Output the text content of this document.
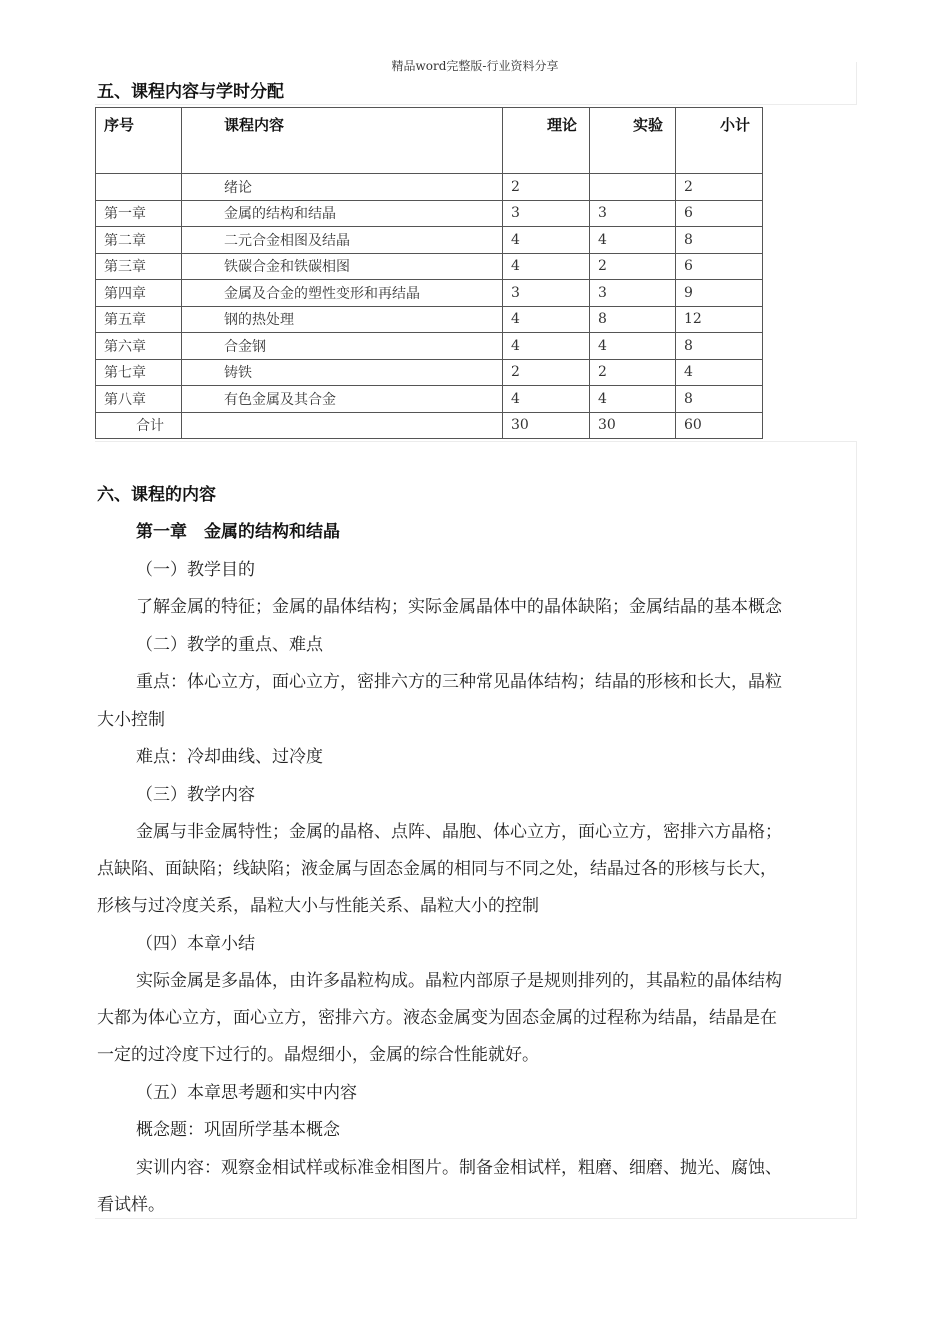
精品word完整版-行业资料分享
五、课程内容与学时分配
序号	课程内容	理论	实验	小计
	绪论	2		2
第一章	金属的结构和结晶	3	3	6
第二章	二元合金相图及结晶	4	4	8
第三章	铁碳合金和铁碳相图	4	2	6
第四章	金属及合金的塑性变形和再结晶	3	3	9
第五章	钢的热处理	4	8	12
第六章	合金钢	4	4	8
第七章	铸铁	2	2	4
第八章	有色金属及其合金	4	4	8
合计		30	30	60
六、课程的内容
第一章　金属的结构和结晶
（一）教学目的
了解金属的特征；金属的晶体结构；实际金属晶体中的晶体缺陷；金属结晶的基本概念
（二）教学的重点、难点
重点：体心立方，面心立方，密排六方的三种常见晶体结构；结晶的形核和长大，晶粒
大小控制
难点：冷却曲线、过冷度
（三）教学内容
金属与非金属特性；金属的晶格、点阵、晶胞、体心立方，面心立方，密排六方晶格；
点缺陷、面缺陷；线缺陷；液金属与固态金属的相同与不同之处，结晶过各的形核与长大，
形核与过冷度关系，晶粒大小与性能关系、晶粒大小的控制
（四）本章小结
实际金属是多晶体，由许多晶粒构成。晶粒内部原子是规则排列的，其晶粒的晶体结构
大都为体心立方，面心立方，密排六方。液态金属变为固态金属的过程称为结晶，结晶是在
一定的过冷度下过行的。晶煜细小，金属的综合性能就好。
（五）本章思考题和实中内容
概念题：巩固所学基本概念
实训内容：观察金相试样或标准金相图片。制备金相试样，粗磨、细磨、抛光、腐蚀、
看试样。
